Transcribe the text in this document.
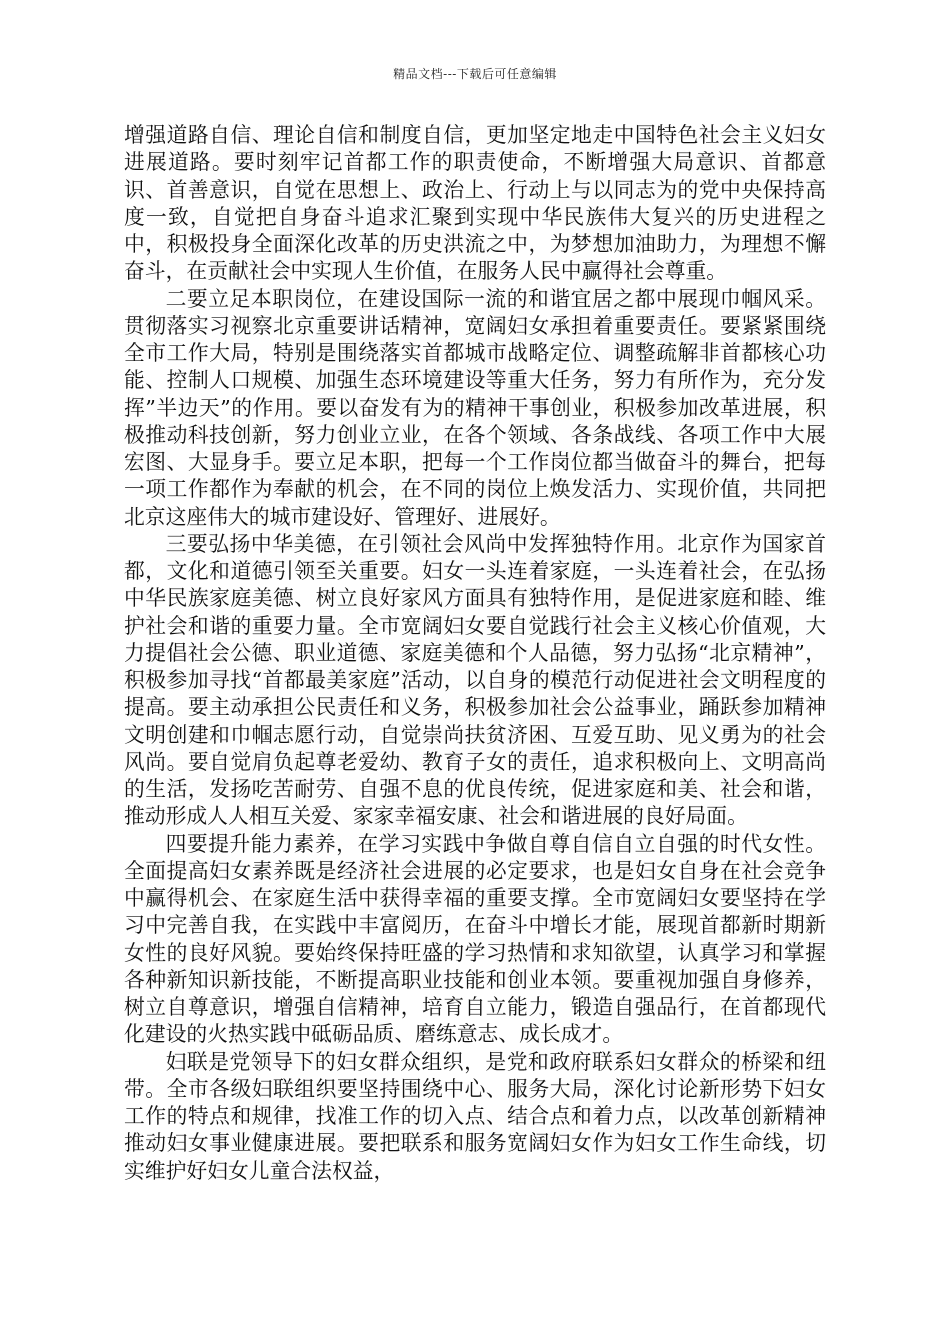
精品文档---下载后可任意编辑

增强道路自信、理论自信和制度自信，更加坚定地走中国特色社会主义妇女进展道路。要时刻牢记首都工作的职责使命，不断增强大局意识、首都意识、首善意识，自觉在思想上、政治上、行动上与以同志为的党中央保持高度一致，自觉把自身奋斗追求汇聚到实现中华民族伟大复兴的历史进程之中，积极投身全面深化改革的历史洪流之中，为梦想加油助力，为理想不懈奋斗，在贡献社会中实现人生价值，在服务人民中赢得社会尊重。

二要立足本职岗位，在建设国际一流的和谐宜居之都中展现巾帼风采。贯彻落实习视察北京重要讲话精神，宽阔妇女承担着重要责任。要紧紧围绕全市工作大局，特别是围绕落实首都城市战略定位、调整疏解非首都核心功能、控制人口规模、加强生态环境建设等重大任务，努力有所作为，充分发挥”半边天”的作用。要以奋发有为的精神干事创业，积极参加改革进展，积极推动科技创新，努力创业立业，在各个领域、各条战线、各项工作中大展宏图、大显身手。要立足本职，把每一个工作岗位都当做奋斗的舞台，把每一项工作都作为奉献的机会，在不同的岗位上焕发活力、实现价值，共同把北京这座伟大的城市建设好、管理好、进展好。

三要弘扬中华美德，在引领社会风尚中发挥独特作用。北京作为国家首都，文化和道德引领至关重要。妇女一头连着家庭，一头连着社会，在弘扬中华民族家庭美德、树立良好家风方面具有独特作用，是促进家庭和睦、维护社会和谐的重要力量。全市宽阔妇女要自觉践行社会主义核心价值观，大力提倡社会公德、职业道德、家庭美德和个人品德，努力弘扬“北京精神”，积极参加寻找“首都最美家庭”活动，以自身的模范行动促进社会文明程度的提高。要主动承担公民责任和义务，积极参加社会公益事业，踊跃参加精神文明创建和巾帼志愿行动，自觉崇尚扶贫济困、互爱互助、见义勇为的社会风尚。要自觉肩负起尊老爱幼、教育子女的责任，追求积极向上、文明高尚的生活，发扬吃苦耐劳、自强不息的优良传统，促进家庭和美、社会和谐，推动形成人人相互关爱、家家幸福安康、社会和谐进展的良好局面。

四要提升能力素养，在学习实践中争做自尊自信自立自强的时代女性。全面提高妇女素养既是经济社会进展的必定要求，也是妇女自身在社会竞争中赢得机会、在家庭生活中获得幸福的重要支撑。全市宽阔妇女要坚持在学习中完善自我，在实践中丰富阅历，在奋斗中增长才能，展现首都新时期新女性的良好风貌。要始终保持旺盛的学习热情和求知欲望，认真学习和掌握各种新知识新技能，不断提高职业技能和创业本领。要重视加强自身修养，树立自尊意识，增强自信精神，培育自立能力，锻造自强品行，在首都现代化建设的火热实践中砥砺品质、磨练意志、成长成才。

妇联是党领导下的妇女群众组织，是党和政府联系妇女群众的桥梁和纽带。全市各级妇联组织要坚持围绕中心、服务大局，深化讨论新形势下妇女工作的特点和规律，找准工作的切入点、结合点和着力点，以改革创新精神推动妇女事业健康进展。要把联系和服务宽阔妇女作为妇女工作生命线，切实维护好妇女儿童合法权益，
